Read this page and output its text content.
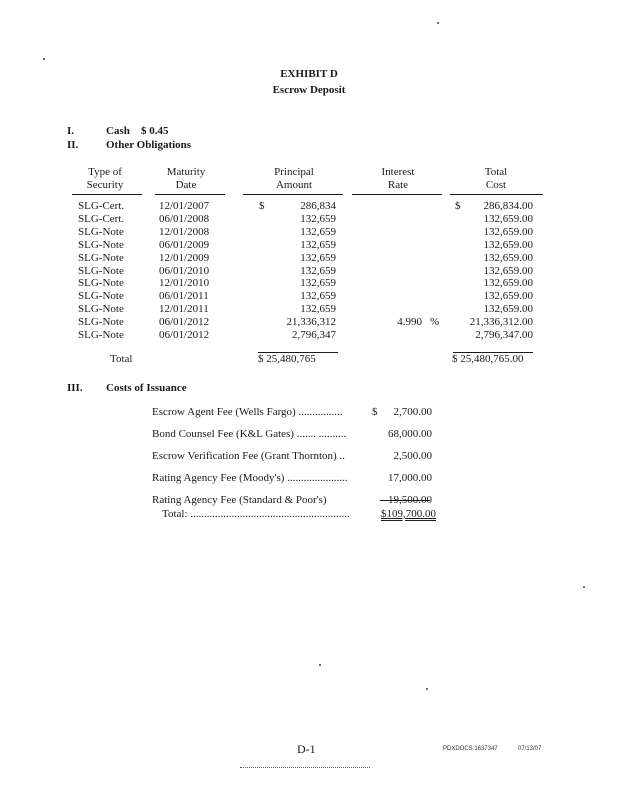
EXHIBIT D
Escrow Deposit
I.	Cash $ 0.45
II.	Other Obligations
Type of
Security
Maturity
Date
Principal
Amount
Interest
Rate
Total
Cost
SLG-Cert.	12/01/2007	$	286,834	$	286,834.00
SLG-Cert.	06/01/2008	132,659	132,659.00
SLG-Note	12/01/2008	132,659	132,659.00
SLG-Note	06/01/2009	132,659	132,659.00
SLG-Note	12/01/2009	132,659	132,659.00
SLG-Note	06/01/2010	132,659	132,659.00
SLG-Note	12/01/2010	132,659	132,659.00
SLG-Note	06/01/2011	132,659	132,659.00
SLG-Note	12/01/2011	132,659	132,659.00
SLG-Note	06/01/2012	21,336,312	4.990 %	21,336,312.00
SLG-Note	06/01/2012	2,796,347	2,796,347.00
Total	$ 25,480,765	$ 25,480,765.00
III. Costs of Issuance
Escrow Agent Fee (Wells Fargo) ................	$	2,700.00
Bond Counsel Fee (K&L Gates) ....... ..........	68,000.00
Escrow Verification Fee (Grant Thornton) ..	2,500.00
Rating Agency Fee (Moody's) ......................	17,000.00
Rating Agency Fee (Standard & Poor's)	19,500.00
Total: ..........................................................	$109,700.00
D-1	PDXDOCS:1637347	07/13/07
